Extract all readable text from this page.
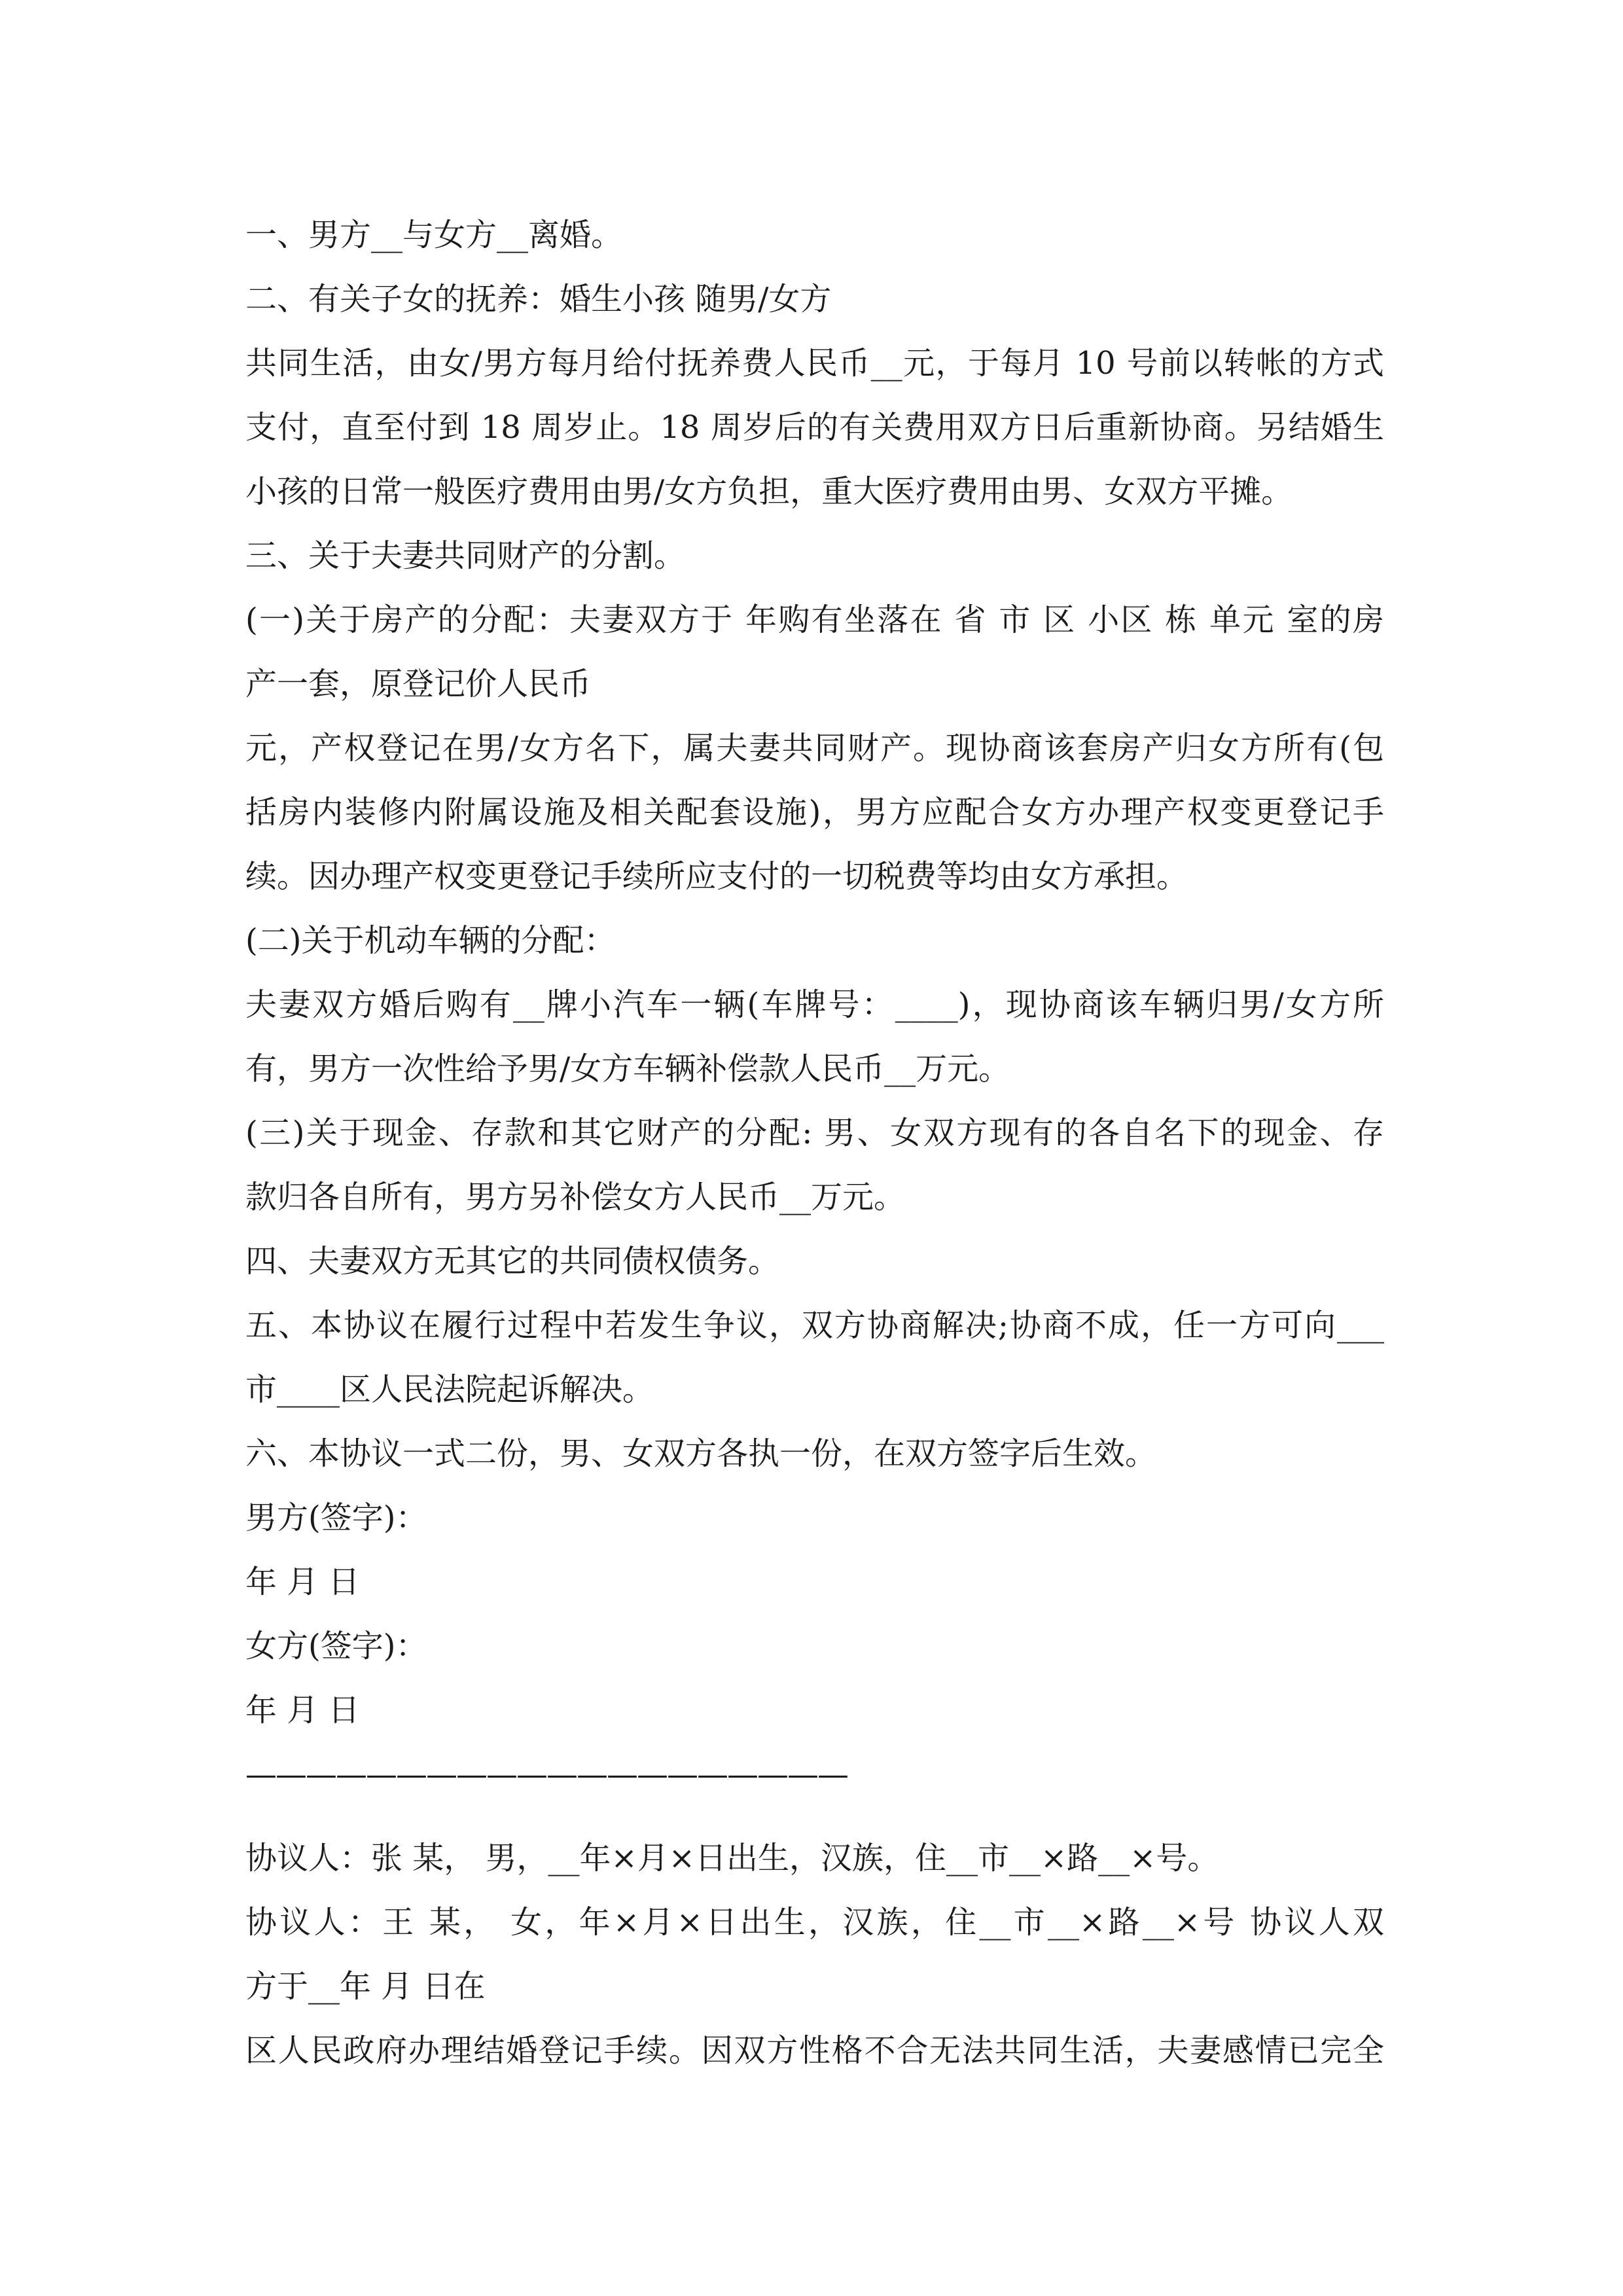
一、男方__与女方__离婚。

二、有关子女的抚养：婚生小孩 随男/女方

共同生活，由女/男方每月给付抚养费人民币__元，于每月 10 号前以转帐的方式

支付，直至付到 18 周岁止。18 周岁后的有关费用双方日后重新协商。另结婚生

小孩的日常一般医疗费用由男/女方负担，重大医疗费用由男、女双方平摊。

三、关于夫妻共同财产的分割。

(一)关于房产的分配：夫妻双方于 年购有坐落在 省 市 区 小区 栋 单元 室的房

产一套，原登记价人民币

元，产权登记在男/女方名下，属夫妻共同财产。现协商该套房产归女方所有(包

括房内装修内附属设施及相关配套设施)，男方应配合女方办理产权变更登记手

续。因办理产权变更登记手续所应支付的一切税费等均由女方承担。

(二)关于机动车辆的分配：

夫妻双方婚后购有__牌小汽车一辆(车牌号：____)，现协商该车辆归男/女方所

有，男方一次性给予男/女方车辆补偿款人民币__万元。

(三)关于现金、存款和其它财产的分配: 男、女双方现有的各自名下的现金、存

款归各自所有，男方另补偿女方人民币__万元。

四、夫妻双方无其它的共同债权债务。

五、本协议在履行过程中若发生争议，双方协商解决;协商不成，任一方可向___

市____区人民法院起诉解决。

六、本协议一式二份，男、女双方各执一份，在双方签字后生效。

男方(签字)：

年 月 日

女方(签字)：

年 月 日

————————————————————

协议人：张 某， 男，__年×月×日出生，汉族，住__市__×路__×号。

协议人：王 某， 女，年×月×日出生，汉族，住__市__×路__×号 协议人双

方于__年 月 日在

区人民政府办理结婚登记手续。因双方性格不合无法共同生活，夫妻感情已完全
